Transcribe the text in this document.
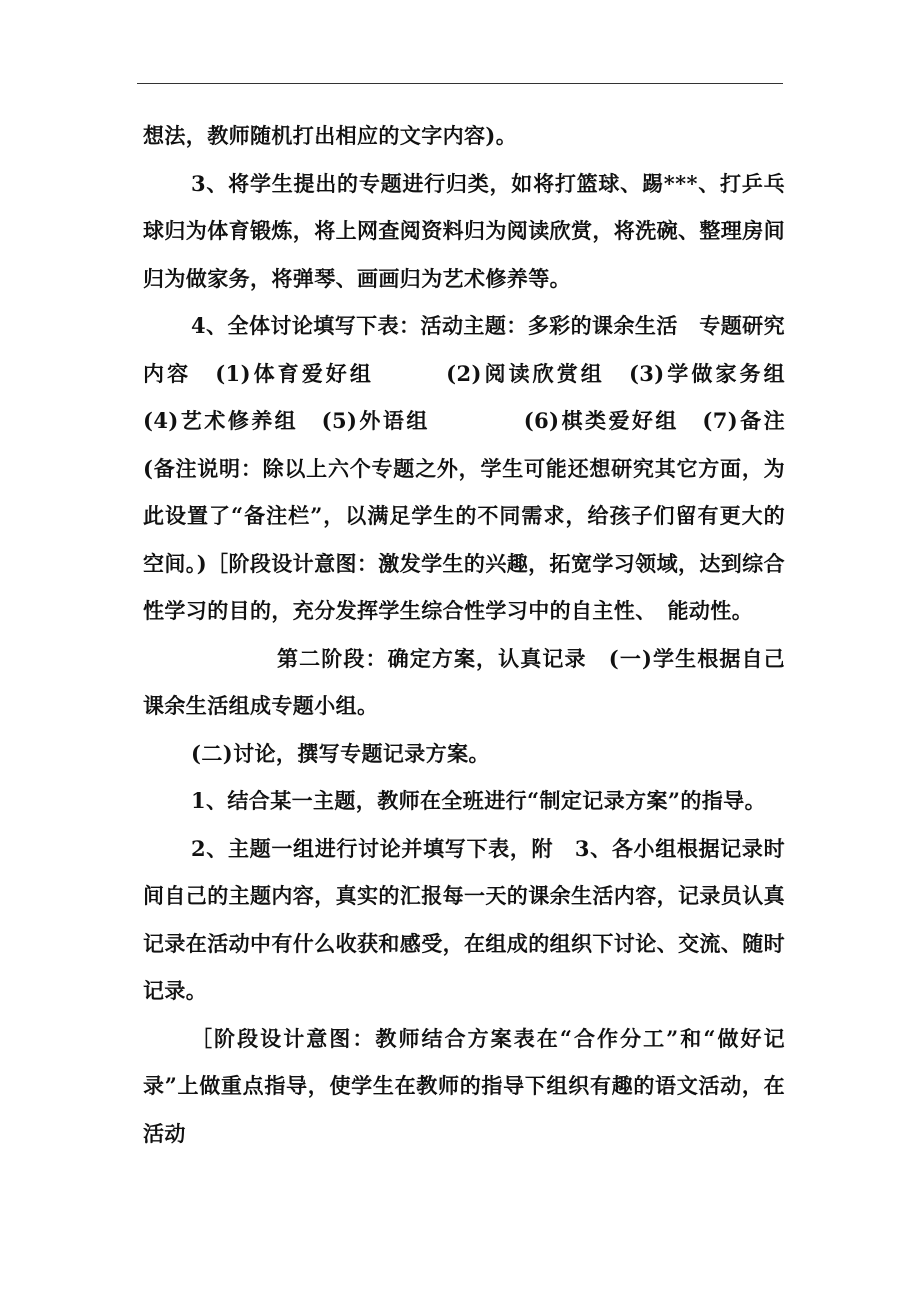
想法，教师随机打出相应的文字内容)。

3、将学生提出的专题进行归类，如将打篮球、踢***、打乒乓球归为体育锻炼，将上网查阅资料归为阅读欣赏，将洗碗、整理房间归为做家务，将弹琴、画画归为艺术修养等。

4、全体讨论填写下表：活动主题：多彩的课余生活　专题研究内容　(1)体育爱好组　　　(2)阅读欣赏组　(3)学做家务组　　(4)艺术修养组　(5)外语组　　　　(6)棋类爱好组　(7)备注　(备注说明：除以上六个专题之外，学生可能还想研究其它方面，为此设置了“备注栏”，以满足学生的不同需求，给孩子们留有更大的空间。)［阶段设计意图：激发学生的兴趣，拓宽学习领域，达到综合性学习的目的，充分发挥学生综合性学习中的自主性、　能动性。

第二阶段：确定方案，认真记录　(一)学生根据自己课余生活组成专题小组。

(二)讨论，撰写专题记录方案。

1、结合某一主题，教师在全班进行“制定记录方案”的指导。

2、主题一组进行讨论并填写下表，附　3、各小组根据记录时间自己的主题内容，真实的汇报每一天的课余生活内容，记录员认真记录在活动中有什么收获和感受，在组成的组织下讨论、交流、随时记录。

［阶段设计意图：教师结合方案表在“合作分工”和“做好记录”上做重点指导，使学生在教师的指导下组织有趣的语文活动，在活动
